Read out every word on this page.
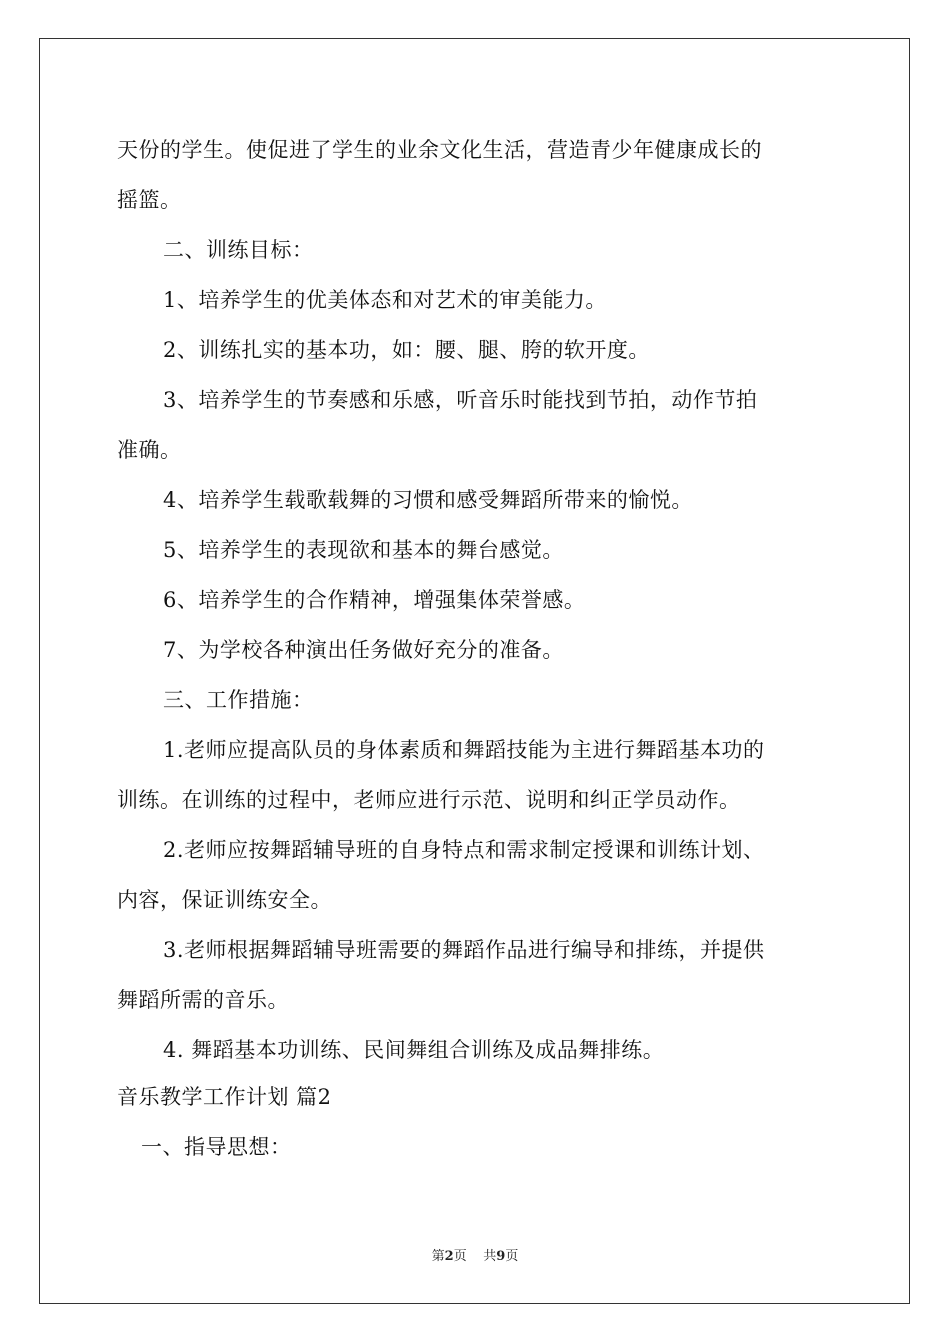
天份的学生。使促进了学生的业余文化生活，营造青少年健康成长的
摇篮。
二、训练目标：
1、培养学生的优美体态和对艺术的审美能力。
2、训练扎实的基本功，如：腰、腿、胯的软开度。
3、培养学生的节奏感和乐感，听音乐时能找到节拍，动作节拍
准确。
4、培养学生载歌载舞的习惯和感受舞蹈所带来的愉悦。
5、培养学生的表现欲和基本的舞台感觉。
6、培养学生的合作精神，增强集体荣誉感。
7、为学校各种演出任务做好充分的准备。
三、工作措施：
1.老师应提高队员的身体素质和舞蹈技能为主进行舞蹈基本功的
训练。在训练的过程中，老师应进行示范、说明和纠正学员动作。
2.老师应按舞蹈辅导班的自身特点和需求制定授课和训练计划、
内容，保证训练安全。
3.老师根据舞蹈辅导班需要的舞蹈作品进行编导和排练，并提供
舞蹈所需的音乐。
4. 舞蹈基本功训练、民间舞组合训练及成品舞排练。
音乐教学工作计划 篇2
一、指导思想：
第2页 共9页
